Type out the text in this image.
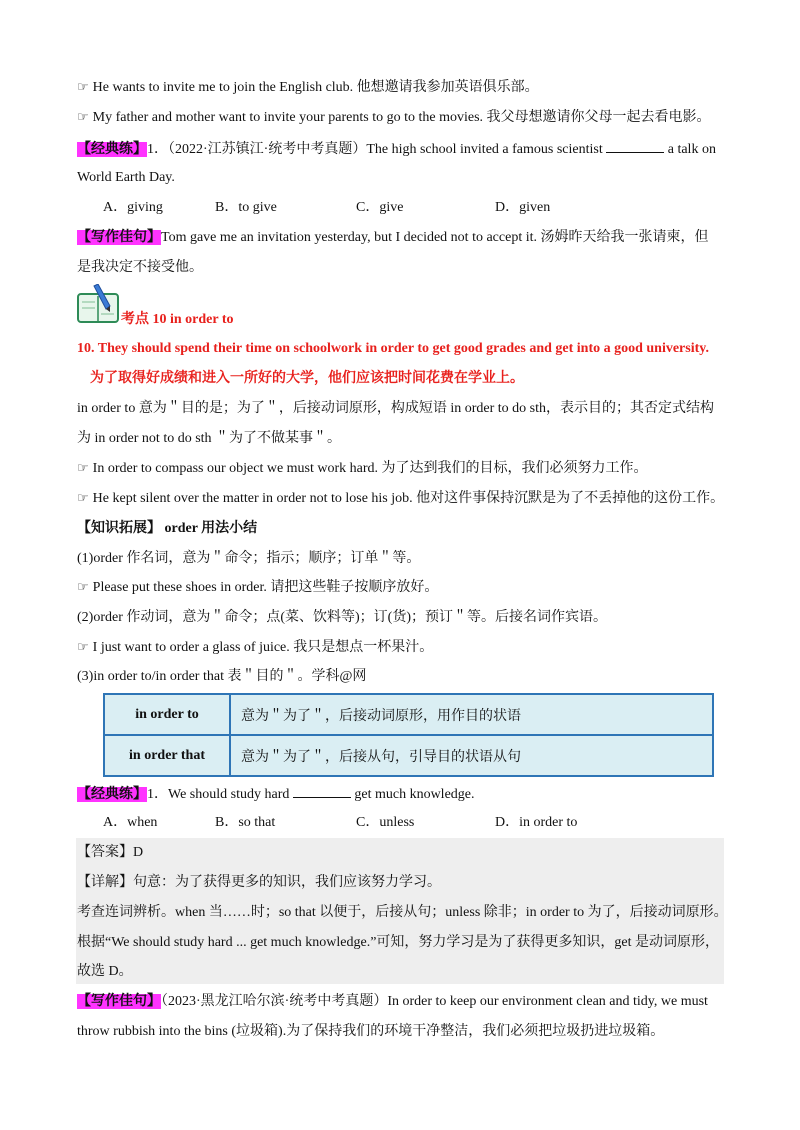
☞ He wants to invite me to join the English club. 他想邀请我参加英语俱乐部。
☞ My father and mother want to invite your parents to go to the movies. 我父母想邀请你父母一起去看电影。
【经典练】1．（2022·江苏镇江·统考中考真题）The high school invited a famous scientist	a talk on
World Earth Day.
A．giving	B．to give	C．give	D．given
【写作佳句】Tom gave me an invitation yesterday, but I decided not to accept it. 汤姆昨天给我一张请柬，但
是我决定不接受他。
考点 10 in order to
10. They should spend their time on schoolwork in order to get good grades and get into a good university.
为了取得好成绩和进入一所好的大学，他们应该把时间花费在学业上。
in order to 意为＂目的是；为了＂，后接动词原形，构成短语 in order to do sth，表示目的；其否定式结构
为 in order not to do sth ＂为了不做某事＂。
☞ In order to compass our object we must work hard. 为了达到我们的目标，我们必须努力工作。
☞ He kept silent over the matter in order not to lose his job. 他对这件事保持沉默是为了不丢掉他的这份工作。
【知识拓展】 order 用法小结
(1)order 作名词，意为＂命令；指示；顺序；订单＂等。
☞ Please put these shoes in order. 请把这些鞋子按顺序放好。
(2)order 作动词，意为＂命令；点(菜、饮料等)；订(货)；预订＂等。后接名词作宾语。
☞ I just want to order a glass of juice. 我只是想点一杯果汁。
(3)in order to/in order that 表＂目的＂。学科@网
in order to	意为＂为了＂，后接动词原形，用作目的状语
in order that	意为＂为了＂，后接从句，引导目的状语从句
【经典练】1．We should study hard	get much knowledge.
A．when	B．so that	C．unless	D．in order to
【答案】D
【详解】句意：为了获得更多的知识，我们应该努力学习。
考查连词辨析。when 当……时；so that 以便于，后接从句；unless 除非；in order to 为了，后接动词原形。
根据“We should study hard ... get much knowledge.”可知，努力学习是为了获得更多知识，get 是动词原形，
故选 D。
【写作佳句】（2023·黑龙江哈尔滨·统考中考真题）In order to keep our environment clean and tidy, we must
throw rubbish into the bins (垃圾箱).为了保持我们的环境干净整洁，我们必须把垃圾扔进垃圾箱。
